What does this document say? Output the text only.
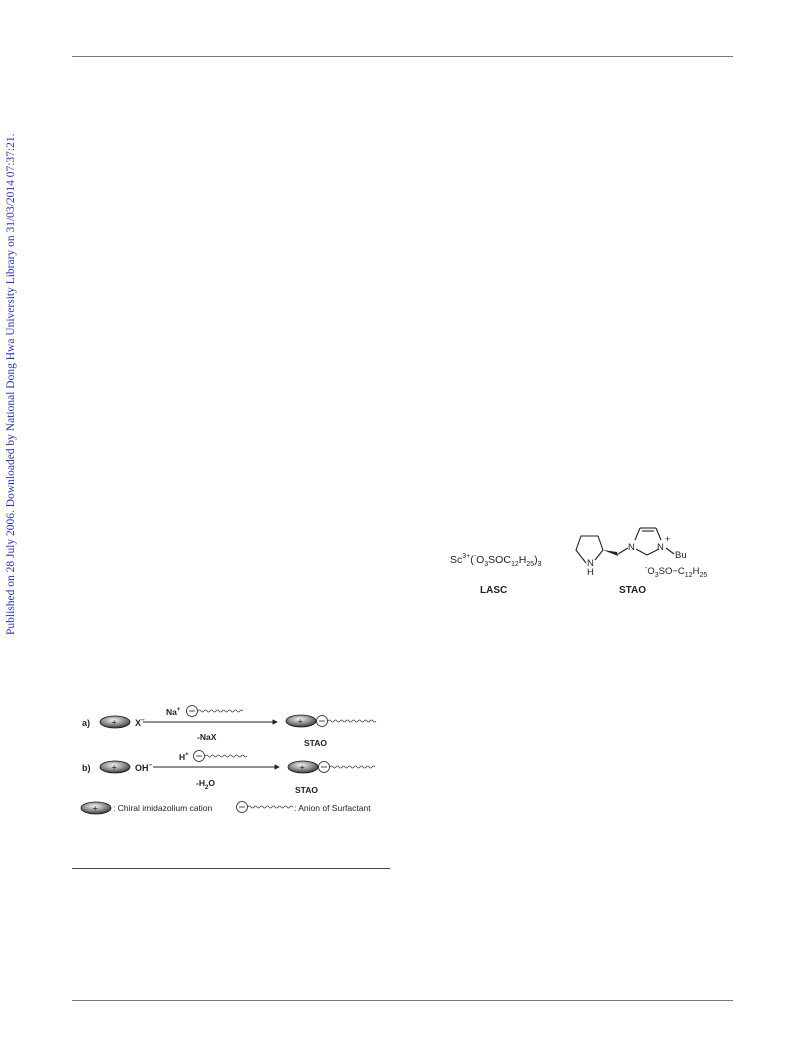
Published on 28 July 2006. Downloaded by National Dong Hwa University Library on 31/03/2014 07:37:21.	$Sc^{3+}(^-O_3SOC_{12}H_{25})_3$
LASC
N
H
N N
+
Bu
$^-O_3SO-C_{12}H_{25}$
STAO
a) + X−
Na+
-NaX
+
STAO
b) + OH−
H+
$-H_2O$
+
STAO
+ : Chiral imidazolium cation	: Anion of Surfactant
